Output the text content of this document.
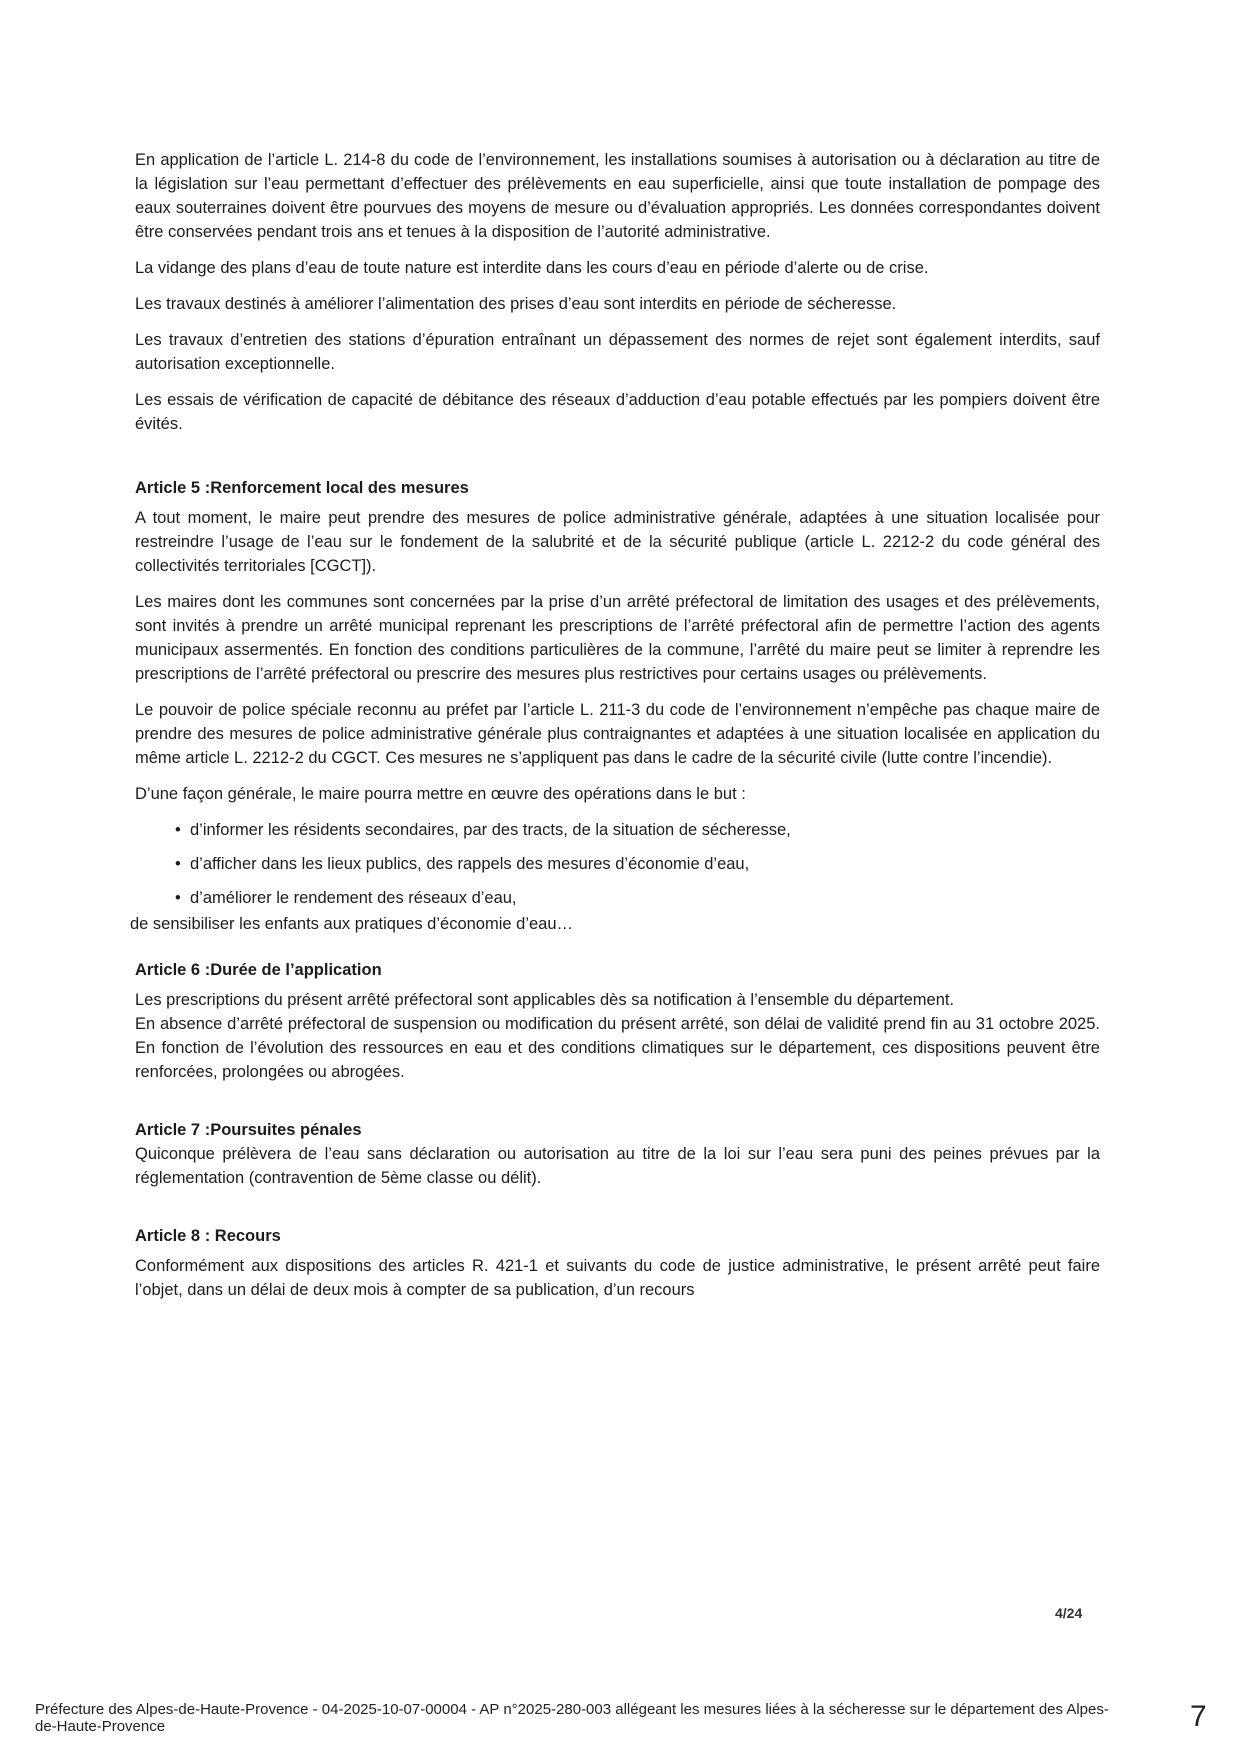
En application de l’article L. 214-8 du code de l’environnement, les installations soumises à autorisation ou à déclaration au titre de la législation sur l’eau permettant d’effectuer des prélèvements en eau superficielle, ainsi que toute installation de pompage des eaux souterraines doivent être pourvues des moyens de mesure ou d’évaluation appropriés. Les données correspondantes doivent être conservées pendant trois ans et tenues à la disposition de l’autorité administrative.

La vidange des plans d’eau de toute nature est interdite dans les cours d’eau en période d’alerte ou de crise.

Les travaux destinés à améliorer l’alimentation des prises d’eau sont interdits en période de sécheresse.

Les travaux d’entretien des stations d’épuration entraînant un dépassement des normes de rejet sont également interdits, sauf autorisation exceptionnelle.

Les essais de vérification de capacité de débitance des réseaux d’adduction d’eau potable effectués par les pompiers doivent être évités.

Article 5 :Renforcement local des mesures

A tout moment, le maire peut prendre des mesures de police administrative générale, adaptées à une situation localisée pour restreindre l’usage de l’eau sur le fondement de la salubrité et de la sécurité publique (article L. 2212-2 du code général des collectivités territoriales [CGCT]).

Les maires dont les communes sont concernées par la prise d’un arrêté préfectoral de limitation des usages et des prélèvements, sont invités à prendre un arrêté municipal reprenant les prescriptions de l’arrêté préfectoral afin de permettre l’action des agents municipaux assermentés. En fonction des conditions particulières de la commune, l’arrêté du maire peut se limiter à reprendre les prescriptions de l’arrêté préfectoral ou prescrire des mesures plus restrictives pour certains usages ou prélèvements.

Le pouvoir de police spéciale reconnu au préfet par l’article L. 211-3 du code de l’environnement n’empêche pas chaque maire de prendre des mesures de police administrative générale plus contraignantes et adaptées à une situation localisée en application du même article L. 2212-2 du CGCT. Ces mesures ne s’appliquent pas dans le cadre de la sécurité civile (lutte contre l’incendie).

D’une façon générale, le maire pourra mettre en œuvre des opérations dans le but :

• d’informer les résidents secondaires, par des tracts, de la situation de sécheresse,
• d’afficher dans les lieux publics, des rappels des mesures d’économie d’eau,
• d’améliorer le rendement des réseaux d’eau,

de sensibiliser les enfants aux pratiques d’économie d’eau…

Article 6 :Durée de l’application

Les prescriptions du présent arrêté préfectoral sont applicables dès sa notification à l’ensemble du département.

En absence d’arrêté préfectoral de suspension ou modification du présent arrêté, son délai de validité prend fin au 31 octobre 2025. En fonction de l’évolution des ressources en eau et des conditions climatiques sur le département, ces dispositions peuvent être renforcées, prolongées ou abrogées.

Article 7 :Poursuites pénales

Quiconque prélèvera de l’eau sans déclaration ou autorisation au titre de la loi sur l’eau sera puni des peines prévues par la réglementation (contravention de 5ème classe ou délit).

Article 8 : Recours

Conformément aux dispositions des articles R. 421-1 et suivants du code de justice administrative, le présent arrêté peut faire l’objet, dans un délai de deux mois à compter de sa publication, d’un recours

4/24
Préfecture des Alpes-de-Haute-Provence - 04-2025-10-07-00004 - AP n°2025-280-003 allégeant les mesures liées à la sécheresse sur le département des Alpes-de-Haute-Provence	7
